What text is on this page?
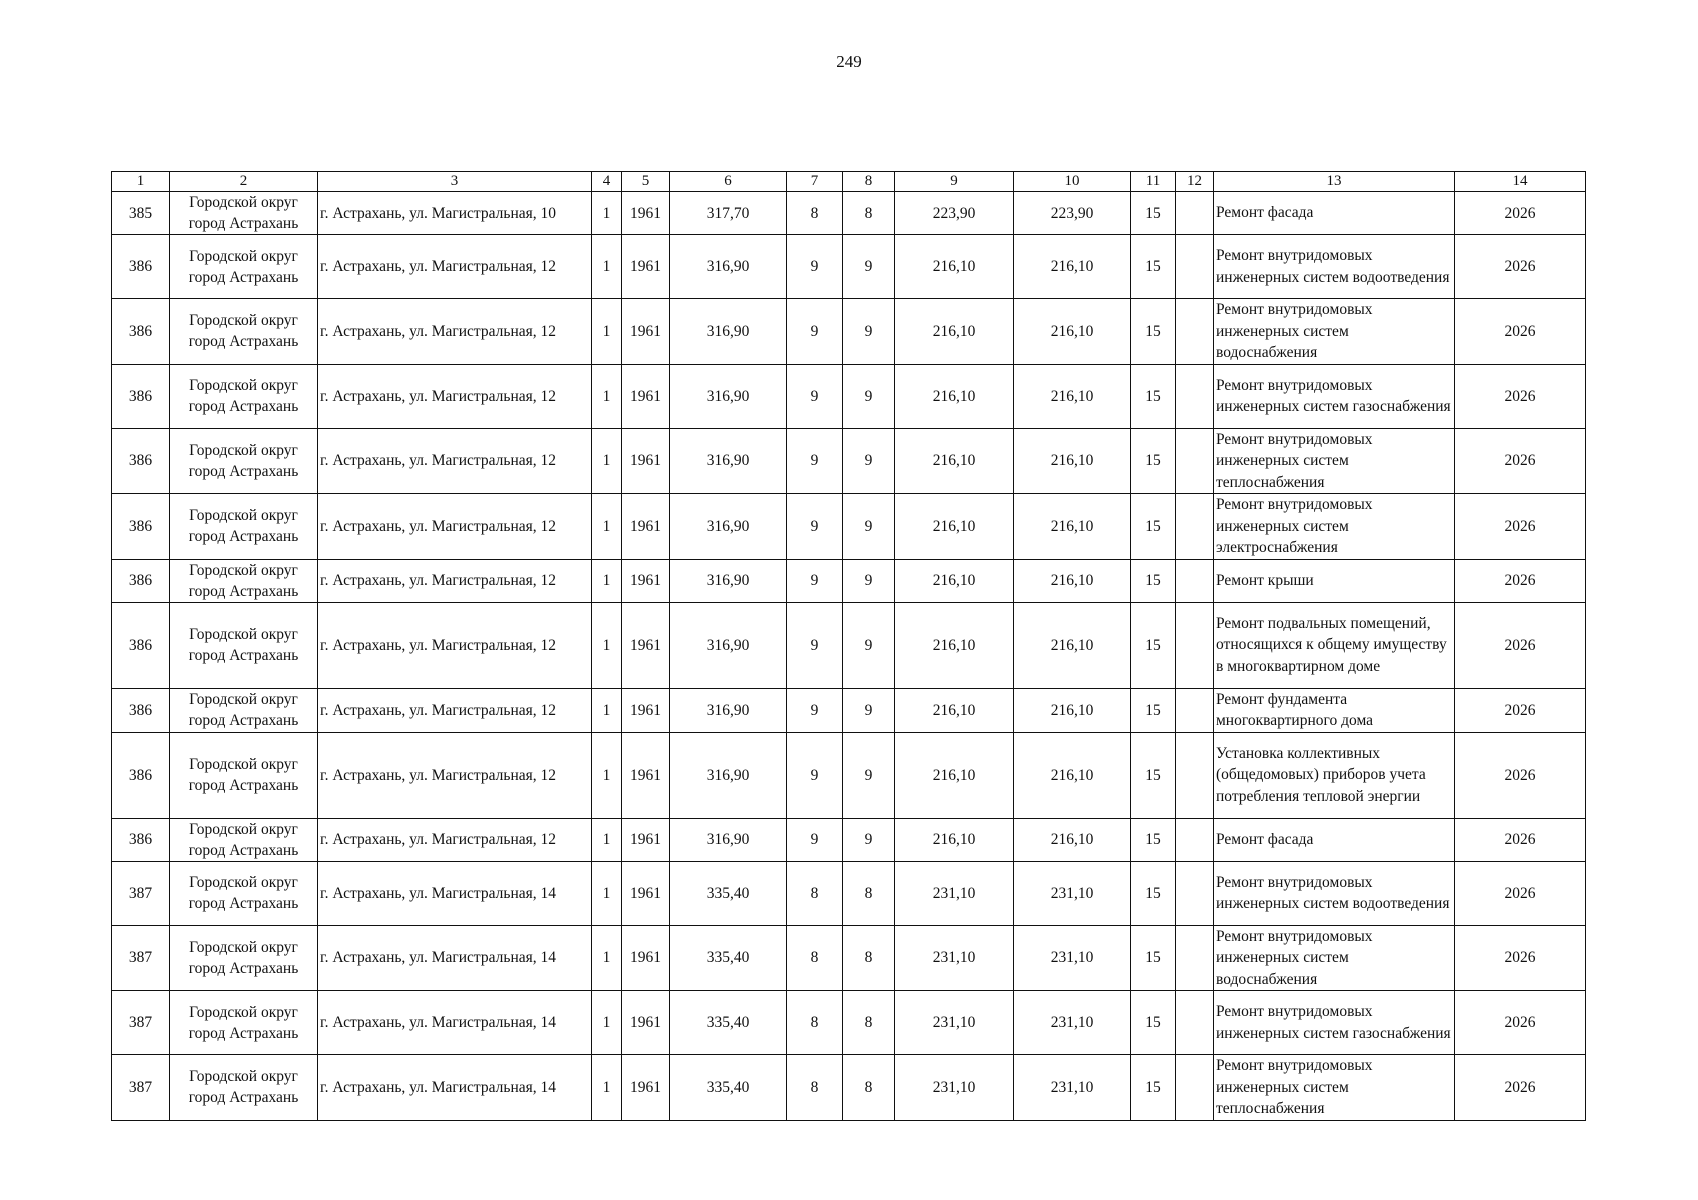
249
1	2	3	4	5	6	7	8	9	10	11	12	13	14
385	Городской округ город Астрахань	г. Астрахань, ул. Магистральная, 10	1	1961	317,70	8	8	223,90	223,90	15		Ремонт фасада	2026
386	Городской округ город Астрахань	г. Астрахань, ул. Магистральная, 12	1	1961	316,90	9	9	216,10	216,10	15		Ремонт внутридомовых инженерных систем водоотведения	2026
386	Городской округ город Астрахань	г. Астрахань, ул. Магистральная, 12	1	1961	316,90	9	9	216,10	216,10	15		Ремонт внутридомовых инженерных систем водоснабжения	2026
386	Городской округ город Астрахань	г. Астрахань, ул. Магистральная, 12	1	1961	316,90	9	9	216,10	216,10	15		Ремонт внутридомовых инженерных систем газоснабжения	2026
386	Городской округ город Астрахань	г. Астрахань, ул. Магистральная, 12	1	1961	316,90	9	9	216,10	216,10	15		Ремонт внутридомовых инженерных систем теплоснабжения	2026
386	Городской округ город Астрахань	г. Астрахань, ул. Магистральная, 12	1	1961	316,90	9	9	216,10	216,10	15		Ремонт внутридомовых инженерных систем электроснабжения	2026
386	Городской округ город Астрахань	г. Астрахань, ул. Магистральная, 12	1	1961	316,90	9	9	216,10	216,10	15		Ремонт крыши	2026
386	Городской округ город Астрахань	г. Астрахань, ул. Магистральная, 12	1	1961	316,90	9	9	216,10	216,10	15		Ремонт подвальных помещений, относящихся к общему имуществу в многоквартирном доме	2026
386	Городской округ город Астрахань	г. Астрахань, ул. Магистральная, 12	1	1961	316,90	9	9	216,10	216,10	15		Ремонт фундамента многоквартирного дома	2026
386	Городской округ город Астрахань	г. Астрахань, ул. Магистральная, 12	1	1961	316,90	9	9	216,10	216,10	15		Установка коллективных (общедомовых) приборов учета потребления тепловой энергии	2026
386	Городской округ город Астрахань	г. Астрахань, ул. Магистральная, 12	1	1961	316,90	9	9	216,10	216,10	15		Ремонт фасада	2026
387	Городской округ город Астрахань	г. Астрахань, ул. Магистральная, 14	1	1961	335,40	8	8	231,10	231,10	15		Ремонт внутридомовых инженерных систем водоотведения	2026
387	Городской округ город Астрахань	г. Астрахань, ул. Магистральная, 14	1	1961	335,40	8	8	231,10	231,10	15		Ремонт внутридомовых инженерных систем водоснабжения	2026
387	Городской округ город Астрахань	г. Астрахань, ул. Магистральная, 14	1	1961	335,40	8	8	231,10	231,10	15		Ремонт внутридомовых инженерных систем газоснабжения	2026
387	Городской округ город Астрахань	г. Астрахань, ул. Магистральная, 14	1	1961	335,40	8	8	231,10	231,10	15		Ремонт внутридомовых инженерных систем теплоснабжения	2026
